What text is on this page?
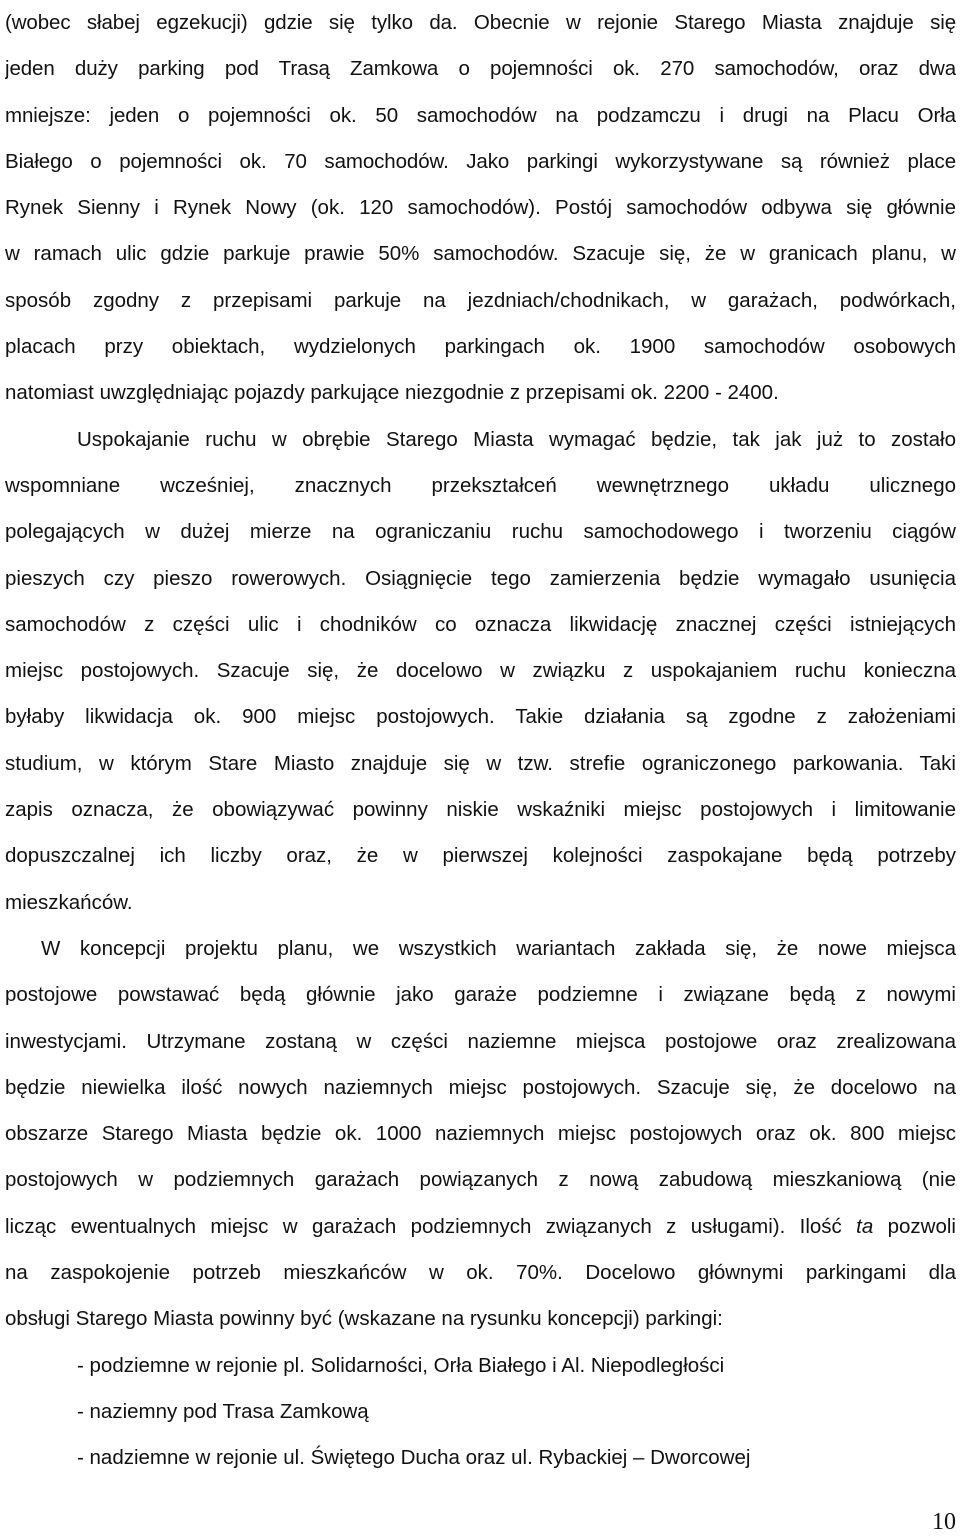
(wobec słabej egzekucji) gdzie się tylko da. Obecnie w rejonie Starego Miasta znajduje się
jeden duży parking pod Trasą Zamkowa o pojemności ok. 270 samochodów, oraz dwa
mniejsze: jeden o pojemności ok. 50 samochodów na podzamczu i drugi na Placu Orła
Białego o pojemności ok. 70 samochodów. Jako parkingi wykorzystywane są również place
Rynek Sienny i Rynek Nowy (ok. 120 samochodów). Postój samochodów odbywa się głównie
w ramach ulic gdzie parkuje prawie 50% samochodów. Szacuje się, że w granicach planu, w
sposób zgodny z przepisami parkuje na jezdniach/chodnikach, w garażach, podwórkach,
placach przy obiektach, wydzielonych parkingach ok. 1900 samochodów osobowych
natomiast uwzględniając pojazdy parkujące niezgodnie z przepisami ok. 2200 - 2400.

Uspokajanie ruchu w obrębie Starego Miasta wymagać będzie, tak jak już to zostało
wspomniane wcześniej, znacznych przekształceń wewnętrznego układu ulicznego
polegających w dużej mierze na ograniczaniu ruchu samochodowego i tworzeniu ciągów
pieszych czy pieszo rowerowych. Osiągnięcie tego zamierzenia będzie wymagało usunięcia
samochodów z części ulic i chodników co oznacza likwidację znacznej części istniejących
miejsc postojowych. Szacuje się, że docelowo w związku z uspokajaniem ruchu konieczna
byłaby likwidacja ok. 900 miejsc postojowych. Takie działania są zgodne z założeniami
studium, w którym Stare Miasto znajduje się w tzw. strefie ograniczonego parkowania. Taki
zapis oznacza, że obowiązywać powinny niskie wskaźniki miejsc postojowych i limitowanie
dopuszczalnej ich liczby oraz, że w pierwszej kolejności zaspokajane będą potrzeby
mieszkańców.

W koncepcji projektu planu, we wszystkich wariantach zakłada się, że nowe miejsca
postojowe powstawać będą głównie jako garaże podziemne i związane będą z nowymi
inwestycjami. Utrzymane zostaną w części naziemne miejsca postojowe oraz zrealizowana
będzie niewielka ilość nowych naziemnych miejsc postojowych. Szacuje się, że docelowo na
obszarze Starego Miasta będzie ok. 1000 naziemnych miejsc postojowych oraz ok. 800 miejsc
postojowych w podziemnych garażach powiązanych z nową zabudową mieszkaniową (nie
licząc ewentualnych miejsc w garażach podziemnych związanych z usługami). Ilość ta pozwoli
na zaspokojenie potrzeb mieszkańców w ok. 70%. Docelowo głównymi parkingami dla
obsługi Starego Miasta powinny być (wskazane na rysunku koncepcji) parkingi:

- podziemne w rejonie pl. Solidarności, Orła Białego i Al. Niepodległości
- naziemny pod Trasa Zamkową
- nadziemne w rejonie ul. Świętego Ducha oraz ul. Rybackiej – Dworcowej

10
